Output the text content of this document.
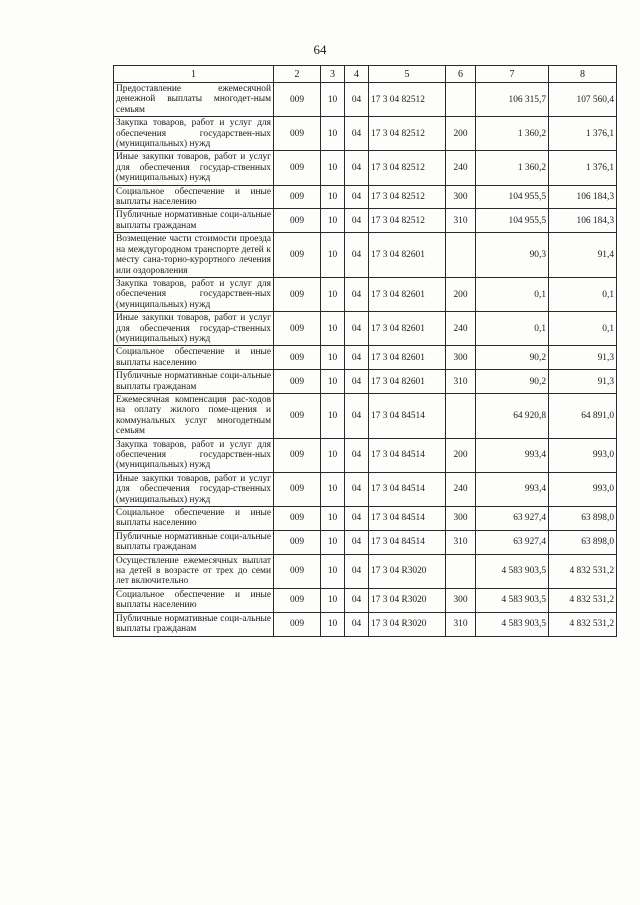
64
1	2	3	4	5	6	7	8
Предоставление ежемесячной денежной выплаты многодет-ным семьям	009	10	04	17 3 04 82512		106 315,7	107 560,4
Закупка товаров, работ и услуг для обеспечения государствен-ных (муниципальных) нужд	009	10	04	17 3 04 82512	200	1 360,2	1 376,1
Иные закупки товаров, работ и услуг для обеспечения государ-ственных (муниципальных) нужд	009	10	04	17 3 04 82512	240	1 360,2	1 376,1
Социальное обеспечение и иные выплаты населению	009	10	04	17 3 04 82512	300	104 955,5	106 184,3
Публичные нормативные соци-альные выплаты гражданам	009	10	04	17 3 04 82512	310	104 955,5	106 184,3
Возмещение части стоимости проезда на междугородном транспорте детей к месту сана-торно-курортного лечения или оздоровления	009	10	04	17 3 04 82601		90,3	91,4
Закупка товаров, работ и услуг для обеспечения государствен-ных (муниципальных) нужд	009	10	04	17 3 04 82601	200	0,1	0,1
Иные закупки товаров, работ и услуг для обеспечения государ-ственных (муниципальных) нужд	009	10	04	17 3 04 82601	240	0,1	0,1
Социальное обеспечение и иные выплаты населению	009	10	04	17 3 04 82601	300	90,2	91,3
Публичные нормативные соци-альные выплаты гражданам	009	10	04	17 3 04 82601	310	90,2	91,3
Ежемесячная компенсация рас-ходов на оплату жилого поме-щения и коммунальных услуг многодетным семьям	009	10	04	17 3 04 84514		64 920,8	64 891,0
Закупка товаров, работ и услуг для обеспечения государствен-ных (муниципальных) нужд	009	10	04	17 3 04 84514	200	993,4	993,0
Иные закупки товаров, работ и услуг для обеспечения государ-ственных (муниципальных) нужд	009	10	04	17 3 04 84514	240	993,4	993,0
Социальное обеспечение и иные выплаты населению	009	10	04	17 3 04 84514	300	63 927,4	63 898,0
Публичные нормативные соци-альные выплаты гражданам	009	10	04	17 3 04 84514	310	63 927,4	63 898,0
Осуществление ежемесячных выплат на детей в возрасте от трех до семи лет включительно	009	10	04	17 3 04 R3020		4 583 903,5	4 832 531,2
Социальное обеспечение и иные выплаты населению	009	10	04	17 3 04 R3020	300	4 583 903,5	4 832 531,2
Публичные нормативные соци-альные выплаты гражданам	009	10	04	17 3 04 R3020	310	4 583 903,5	4 832 531,2
